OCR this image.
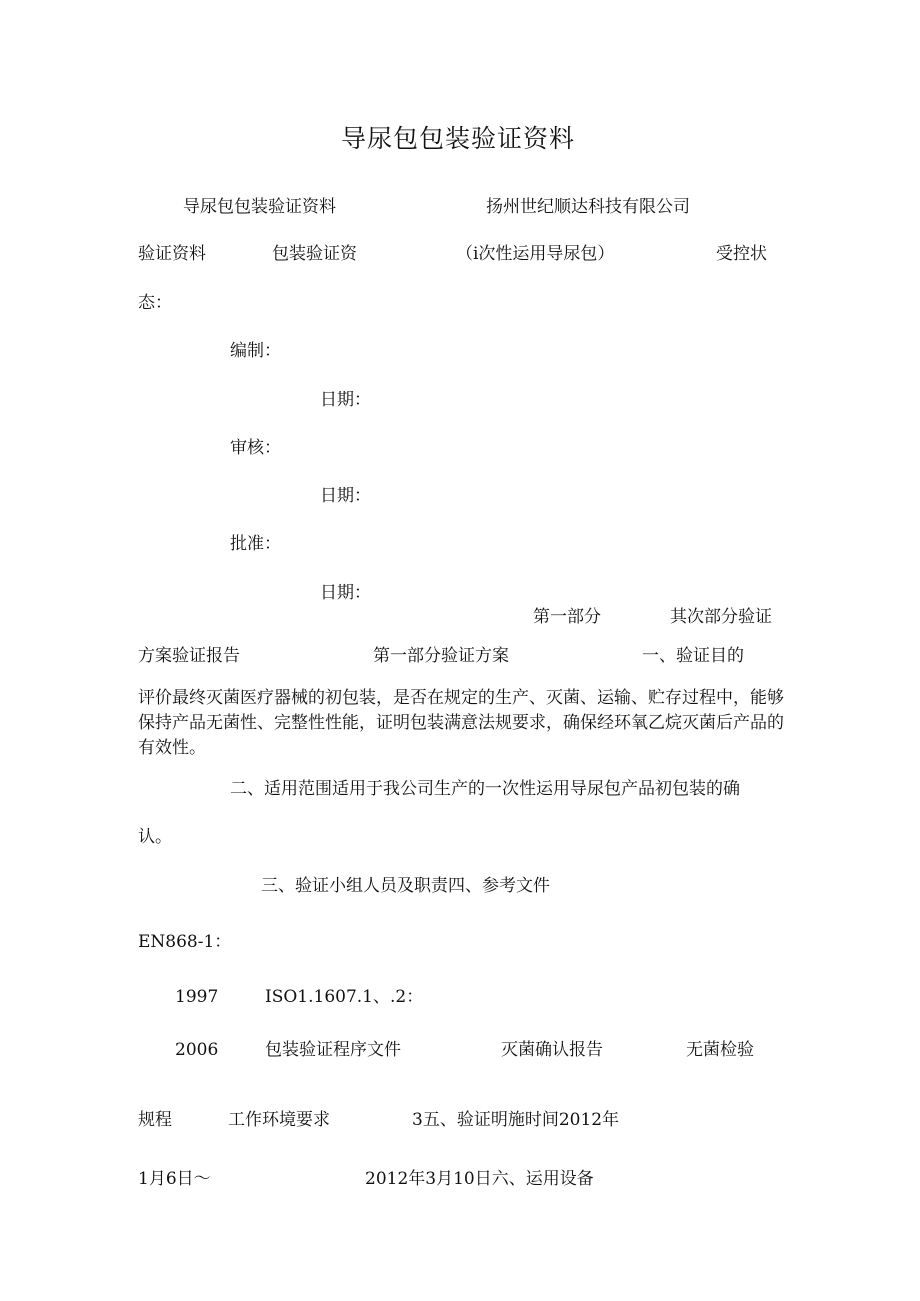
导尿包包装验证资料
导尿包包装验证资料	扬州世纪顺达科技有限公司
验证资料	包装验证资	（i次性运用导尿包）	受控状
态：
编制：
日期：
审核：
日期：
批准：
日期：
第一部分	其次部分验证
方案验证报告	第一部分验证方案	一、验证目的
评价最终灭菌医疗器械的初包装，是否在规定的生产、灭菌、运输、贮存过程中，能够保持产品无菌性、完整性性能，证明包装满意法规要求，确保经环氧乙烷灭菌后产品的有效性。
二、适用范围适用于我公司生产的一次性运用导尿包产品初包装的确
认。
三、验证小组人员及职责四、参考文件
EN868-1：
1997	ISO1.1607.1、.2：
2006	包装验证程序文件	灭菌确认报告	无菌检验
规程	工作环境要求	3五、验证明施时间2012年
1月6日～	2012年3月10日六、运用设备
